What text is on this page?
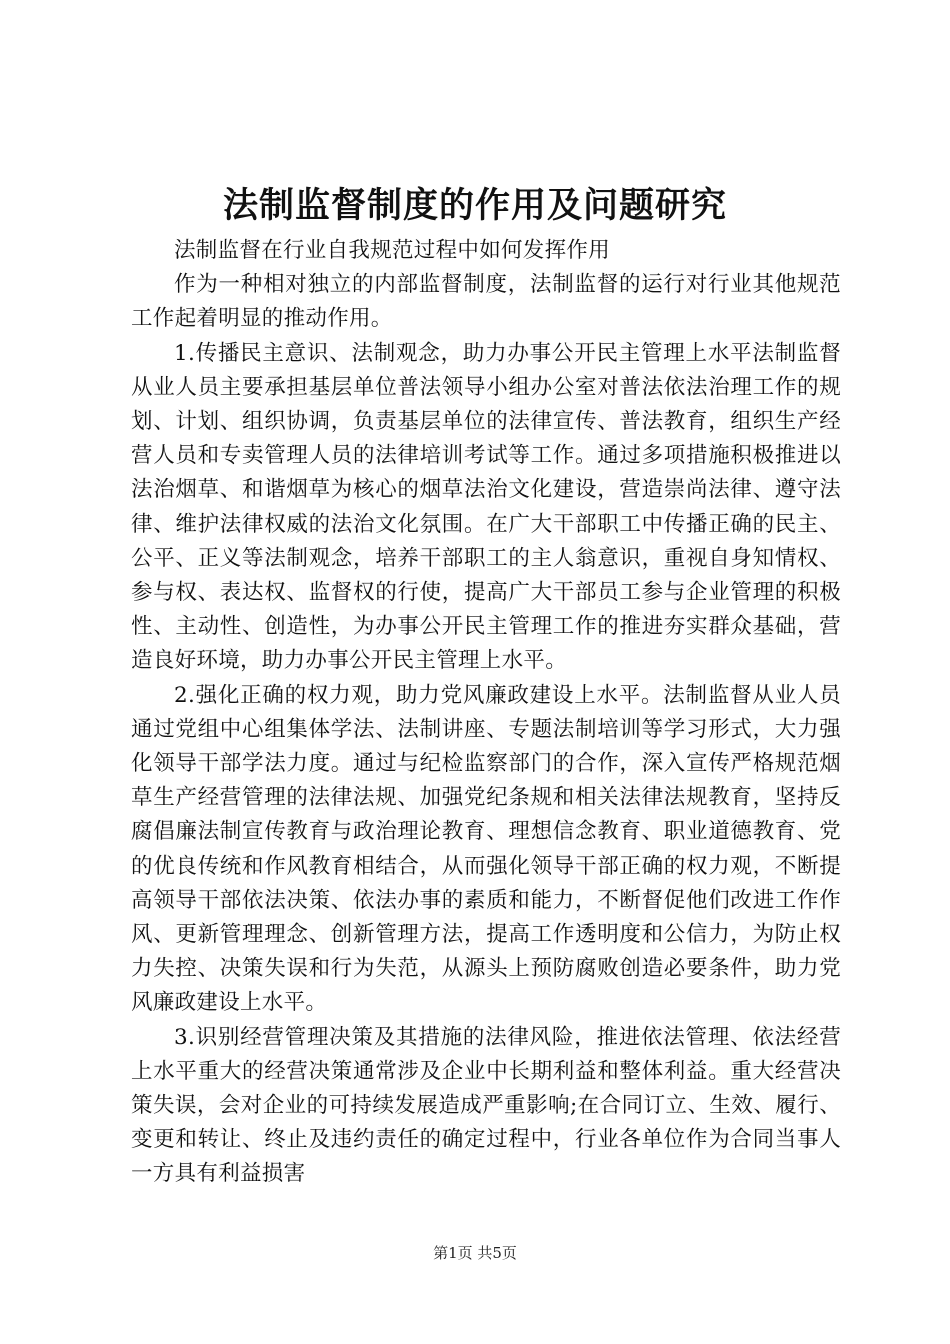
法制监督制度的作用及问题研究

法制监督在行业自我规范过程中如何发挥作用

作为一种相对独立的内部监督制度，法制监督的运行对行业其他规范工作起着明显的推动作用。

1.传播民主意识、法制观念，助力办事公开民主管理上水平法制监督从业人员主要承担基层单位普法领导小组办公室对普法依法治理工作的规划、计划、组织协调，负责基层单位的法律宣传、普法教育，组织生产经营人员和专卖管理人员的法律培训考试等工作。通过多项措施积极推进以法治烟草、和谐烟草为核心的烟草法治文化建设，营造崇尚法律、遵守法律、维护法律权威的法治文化氛围。在广大干部职工中传播正确的民主、公平、正义等法制观念，培养干部职工的主人翁意识，重视自身知情权、参与权、表达权、监督权的行使，提高广大干部员工参与企业管理的积极性、主动性、创造性，为办事公开民主管理工作的推进夯实群众基础，营造良好环境，助力办事公开民主管理上水平。

2.强化正确的权力观，助力党风廉政建设上水平。法制监督从业人员通过党组中心组集体学法、法制讲座、专题法制培训等学习形式，大力强化领导干部学法力度。通过与纪检监察部门的合作，深入宣传严格规范烟草生产经营管理的法律法规、加强党纪条规和相关法律法规教育，坚持反腐倡廉法制宣传教育与政治理论教育、理想信念教育、职业道德教育、党的优良传统和作风教育相结合，从而强化领导干部正确的权力观，不断提高领导干部依法决策、依法办事的素质和能力，不断督促他们改进工作作风、更新管理理念、创新管理方法，提高工作透明度和公信力，为防止权力失控、决策失误和行为失范，从源头上预防腐败创造必要条件，助力党风廉政建设上水平。

3.识别经营管理决策及其措施的法律风险，推进依法管理、依法经营上水平重大的经营决策通常涉及企业中长期利益和整体利益。重大经营决策失误，会对企业的可持续发展造成严重影响;在合同订立、生效、履行、变更和转让、终止及违约责任的确定过程中，行业各单位作为合同当事人一方具有利益损害

第1页 共5页
